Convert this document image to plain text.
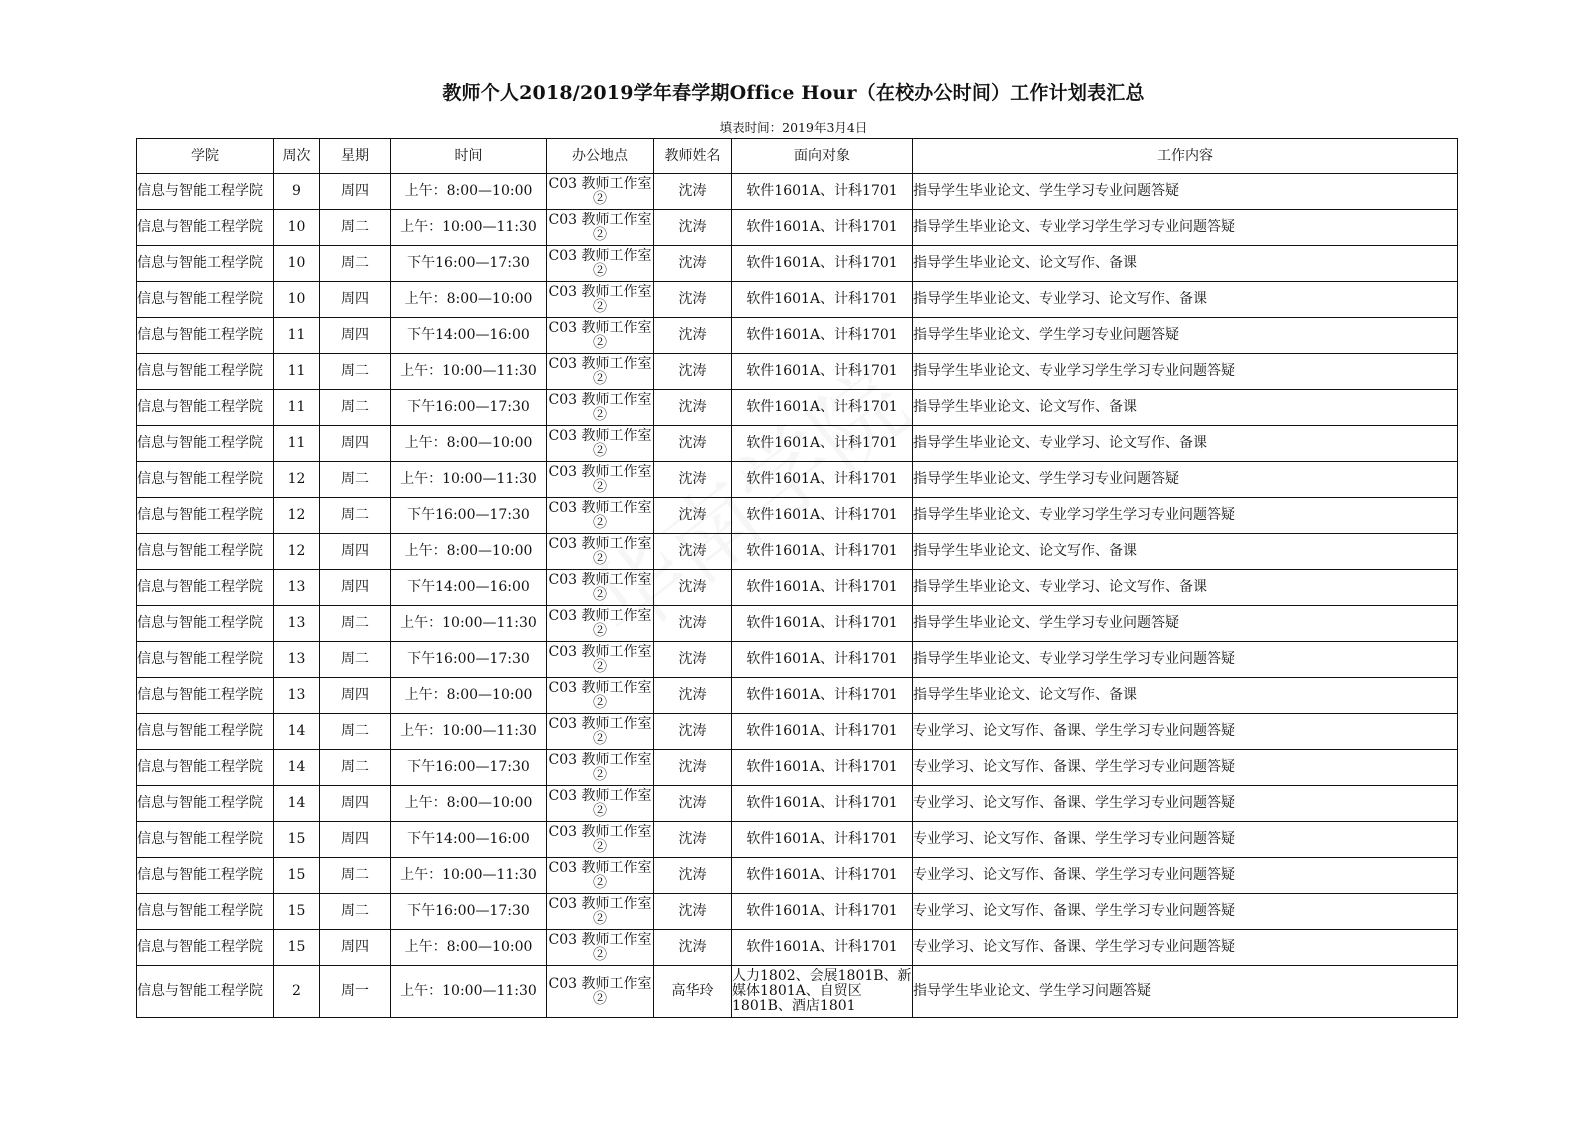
教师个人2018/2019学年春学期Office Hour（在校办公时间）工作计划表汇总
填表时间：2019年3月4日
学院	周次	星期	时间	办公地点	教师姓名	面向对象	工作内容
信息与智能工程学院	9	周四	上午：8:00—10:00	C03 教师工作室②	沈涛	软件1601A、计科1701	指导学生毕业论文、学生学习专业问题答疑
信息与智能工程学院	10	周二	上午：10:00—11:30	C03 教师工作室②	沈涛	软件1601A、计科1701	指导学生毕业论文、专业学习学生学习专业问题答疑
信息与智能工程学院	10	周二	下午16:00—17:30	C03 教师工作室②	沈涛	软件1601A、计科1701	指导学生毕业论文、论文写作、备课
信息与智能工程学院	10	周四	上午：8:00—10:00	C03 教师工作室②	沈涛	软件1601A、计科1701	指导学生毕业论文、专业学习、论文写作、备课
信息与智能工程学院	11	周四	下午14:00—16:00	C03 教师工作室②	沈涛	软件1601A、计科1701	指导学生毕业论文、学生学习专业问题答疑
信息与智能工程学院	11	周二	上午：10:00—11:30	C03 教师工作室②	沈涛	软件1601A、计科1701	指导学生毕业论文、专业学习学生学习专业问题答疑
信息与智能工程学院	11	周二	下午16:00—17:30	C03 教师工作室②	沈涛	软件1601A、计科1701	指导学生毕业论文、论文写作、备课
信息与智能工程学院	11	周四	上午：8:00—10:00	C03 教师工作室②	沈涛	软件1601A、计科1701	指导学生毕业论文、专业学习、论文写作、备课
信息与智能工程学院	12	周二	上午：10:00—11:30	C03 教师工作室②	沈涛	软件1601A、计科1701	指导学生毕业论文、学生学习专业问题答疑
信息与智能工程学院	12	周二	下午16:00—17:30	C03 教师工作室②	沈涛	软件1601A、计科1701	指导学生毕业论文、专业学习学生学习专业问题答疑
信息与智能工程学院	12	周四	上午：8:00—10:00	C03 教师工作室②	沈涛	软件1601A、计科1701	指导学生毕业论文、论文写作、备课
信息与智能工程学院	13	周四	下午14:00—16:00	C03 教师工作室②	沈涛	软件1601A、计科1701	指导学生毕业论文、专业学习、论文写作、备课
信息与智能工程学院	13	周二	上午：10:00—11:30	C03 教师工作室②	沈涛	软件1601A、计科1701	指导学生毕业论文、学生学习专业问题答疑
信息与智能工程学院	13	周二	下午16:00—17:30	C03 教师工作室②	沈涛	软件1601A、计科1701	指导学生毕业论文、专业学习学生学习专业问题答疑
信息与智能工程学院	13	周四	上午：8:00—10:00	C03 教师工作室②	沈涛	软件1601A、计科1701	指导学生毕业论文、论文写作、备课
信息与智能工程学院	14	周二	上午：10:00—11:30	C03 教师工作室②	沈涛	软件1601A、计科1701	专业学习、论文写作、备课、学生学习专业问题答疑
信息与智能工程学院	14	周二	下午16:00—17:30	C03 教师工作室②	沈涛	软件1601A、计科1701	专业学习、论文写作、备课、学生学习专业问题答疑
信息与智能工程学院	14	周四	上午：8:00—10:00	C03 教师工作室②	沈涛	软件1601A、计科1701	专业学习、论文写作、备课、学生学习专业问题答疑
信息与智能工程学院	15	周四	下午14:00—16:00	C03 教师工作室②	沈涛	软件1601A、计科1701	专业学习、论文写作、备课、学生学习专业问题答疑
信息与智能工程学院	15	周二	上午：10:00—11:30	C03 教师工作室②	沈涛	软件1601A、计科1701	专业学习、论文写作、备课、学生学习专业问题答疑
信息与智能工程学院	15	周二	下午16:00—17:30	C03 教师工作室②	沈涛	软件1601A、计科1701	专业学习、论文写作、备课、学生学习专业问题答疑
信息与智能工程学院	15	周四	上午：8:00—10:00	C03 教师工作室②	沈涛	软件1601A、计科1701	专业学习、论文写作、备课、学生学习专业问题答疑
信息与智能工程学院	2	周一	上午：10:00—11:30	C03 教师工作室②	高华玲	人力1802、会展1801B、新媒体1801A、自贸区1801B、酒店1801	指导学生毕业论文、学生学习问题答疑
